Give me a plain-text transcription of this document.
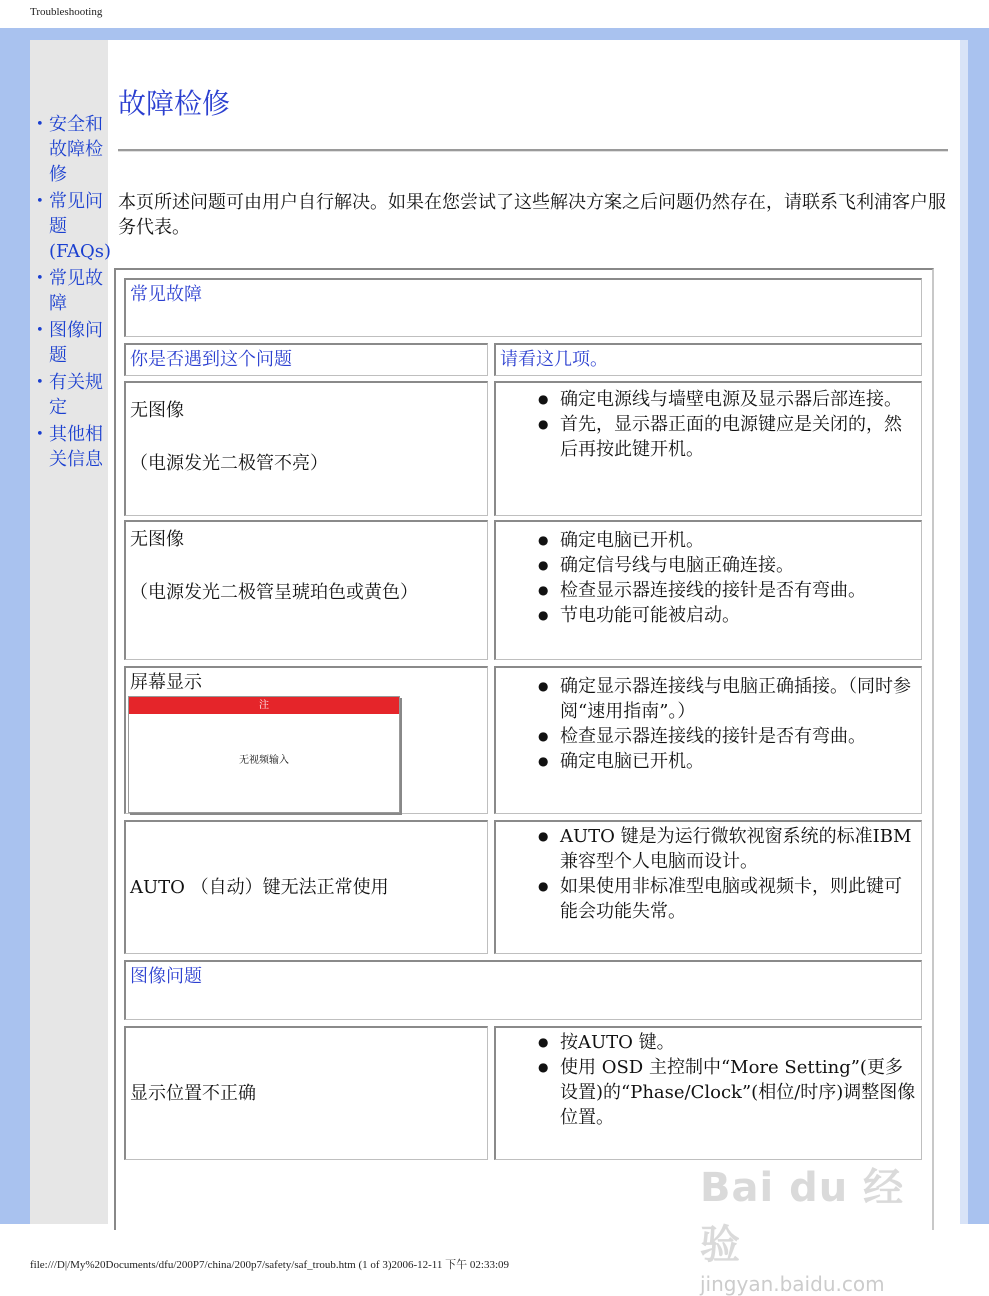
Troubleshooting
• 安全和故障检修
• 常见问题(FAQs)
• 常见故障
• 图像问题
• 有关规定
• 其他相关信息
故障检修

本页所述问题可由用户自行解决。如果在您尝试了这些解决方案之后问题仍然存在，请联系飞利浦客户服务代表。

常见故障
你是否遇到这个问题	请看这几项。
无图像
（电源发光二极管不亮）
● 确定电源线与墙壁电源及显示器后部连接。
● 首先，显示器正面的电源键应是关闭的，然后再按此键开机。
无图像
（电源发光二极管呈琥珀色或黄色）
● 确定电脑已开机。
● 确定信号线与电脑正确连接。
● 检查显示器连接线的接针是否有弯曲。
● 节电功能可能被启动。
屏幕显示
注
无视频输入
● 确定显示器连接线与电脑正确插接。（同时参阅“速用指南”。）
● 检查显示器连接线的接针是否有弯曲。
● 确定电脑已开机。
AUTO （自动）键无法正常使用
● AUTO 键是为运行微软视窗系统的标准IBM兼容型个人电脑而设计。
● 如果使用非标准型电脑或视频卡，则此键可能会功能失常。
图像问题
显示位置不正确
● 按AUTO 键。
● 使用 OSD 主控制中“More Setting”(更多设置)的“Phase/Clock”(相位/时序)调整图像位置。
Bai du 经验
jingyan.baidu.com
file:///D|/My%20Documents/dfu/200P7/china/200p7/safety/saf_troub.htm (1 of 3)2006-12-11 下午 02:33:09
